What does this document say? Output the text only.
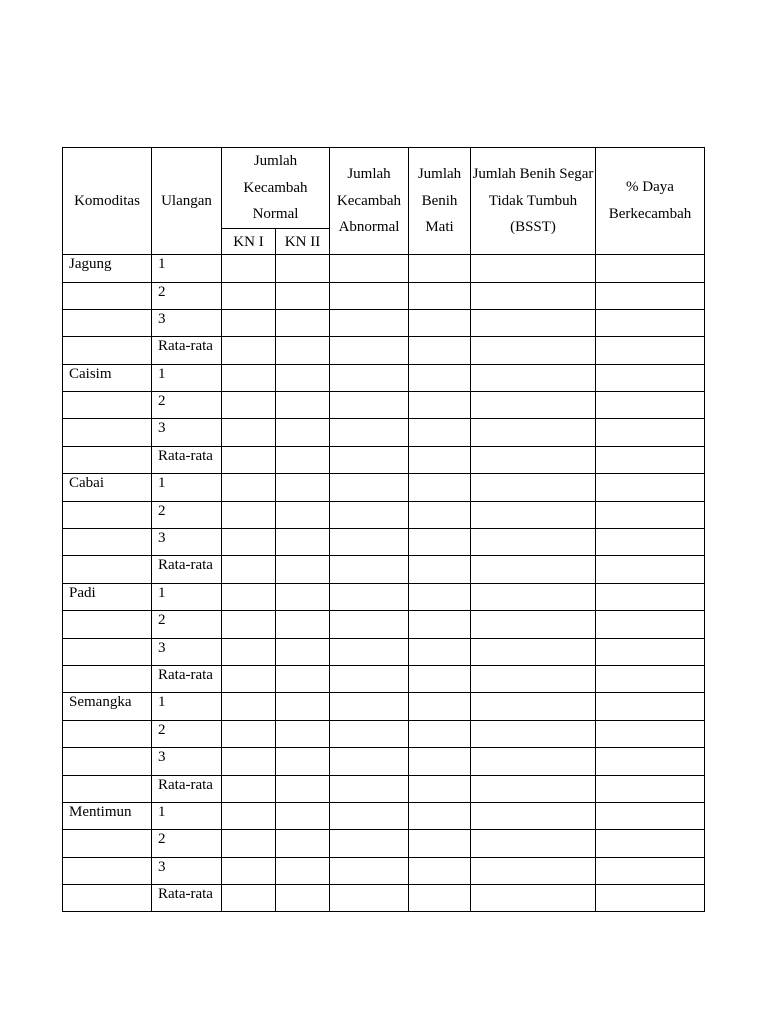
Komoditas	Ulangan	Jumlah Kecambah Normal		Jumlah Kecambah Abnormal	Jumlah Benih Mati	Jumlah Benih Segar Tidak Tumbuh (BSST)	% Daya Berkecambah
		KN I	KN II				
Jagung	1						
	2						
	3						
	Rata-rata						
Caisim	1						
	2						
	3						
	Rata-rata						
Cabai	1						
	2						
	3						
	Rata-rata						
Padi	1						
	2						
	3						
	Rata-rata						
Semangka	1						
	2						
	3						
	Rata-rata						
Mentimun	1						
	2						
	3						
	Rata-rata						
